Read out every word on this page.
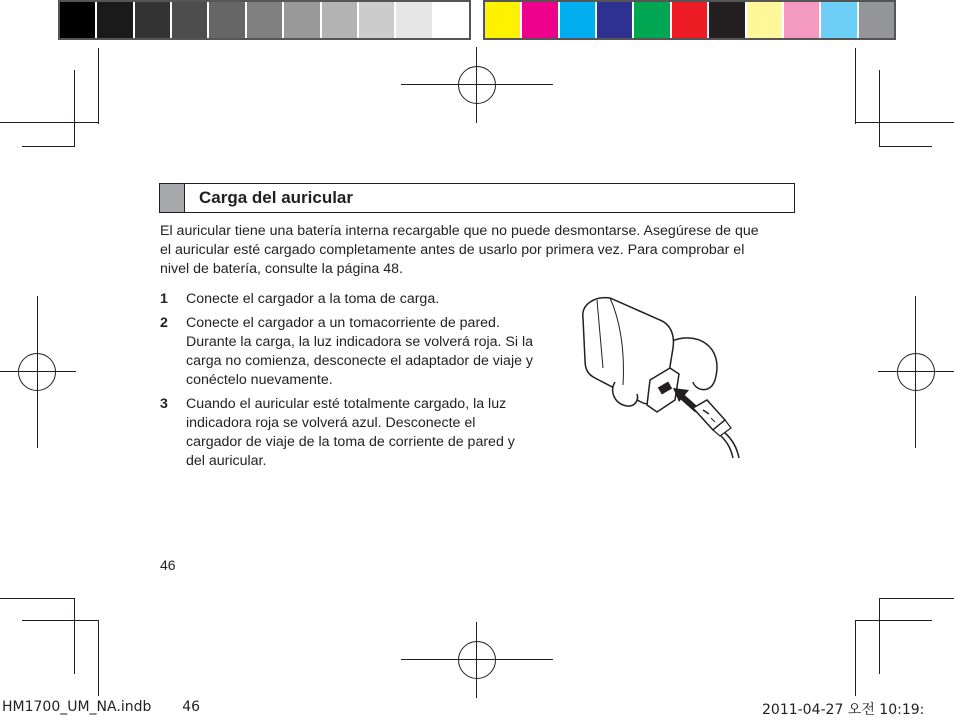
Carga del auricular
El auricular tiene una batería interna recargable que no puede desmontarse. Asegúrese de que el auricular esté cargado completamente antes de usarlo por primera vez. Para comprobar el nivel de batería, consulte la página 48.
1	Conecte el cargador a la toma de carga.
2	Conecte el cargador a un tomacorriente de pared. Durante la carga, la luz indicadora se volverá roja. Si la carga no comienza, desconecte el adaptador de viaje y conéctelo nuevamente.
3	Cuando el auricular esté totalmente cargado, la luz indicadora roja se volverá azul. Desconecte el cargador de viaje de la toma de corriente de pared y del auricular.
46
HM1700_UM_NA.indb 46	2011-04-27 오전 10:19:
